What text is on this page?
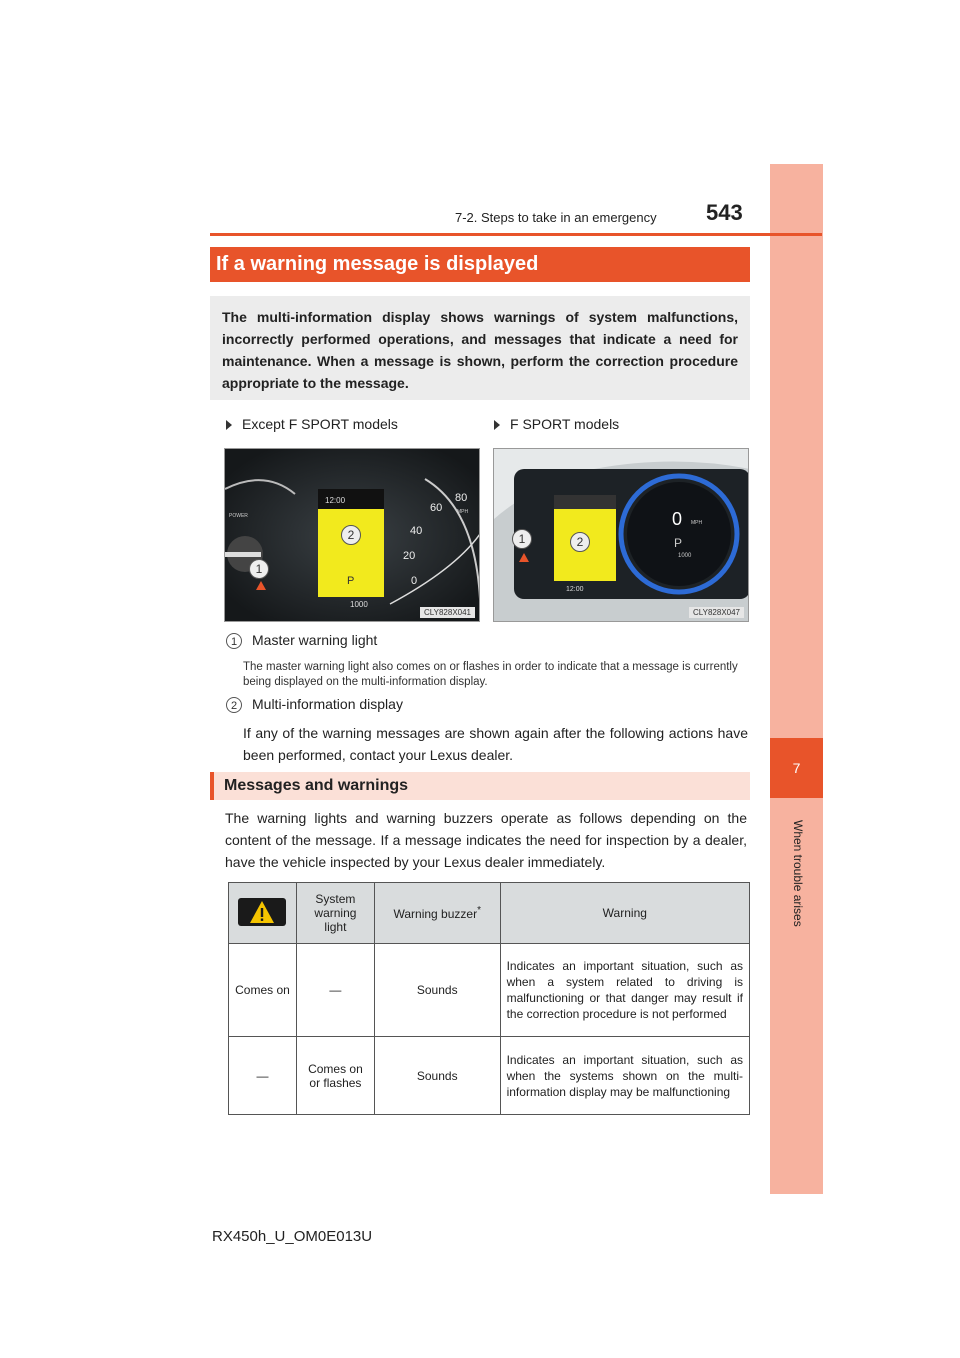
7
When trouble arises
7-2. Steps to take in an emergency 543
If a warning message is displayed
The multi-information display shows warnings of system malfunctions, incorrectly performed operations, and messages that indicate a need for maintenance. When a message is shown, perform the correction procedure appropriate to the message.
Except F SPORT models	F SPORT models
12:00
P
1000
POWER
80
60
40
20
0
MPH
2
1
CLY828X041
0 MPH
P
1000
12:00
1	2
CLY828X047
1 Master warning light
The master warning light also comes on or flashes in order to indicate that a message is currently being displayed on the multi-information display.
2 Multi-information display
If any of the warning messages are shown again after the following actions have been performed, contact your Lexus dealer.
Messages and warnings
The warning lights and warning buzzers operate as follows depending on the content of the message. If a message indicates the need for inspection by a dealer, have the vehicle inspected by your Lexus dealer immediately.
	System warning light	Warning buzzer*	Warning
Comes on	—	Sounds	Indicates an important situation, such as when a system related to driving is malfunctioning or that danger may result if the correction procedure is not performed
—	Comes on or flashes	Sounds	Indicates an important situation, such as when the systems shown on the multi-information display may be malfunctioning
RX450h_U_OM0E013U
